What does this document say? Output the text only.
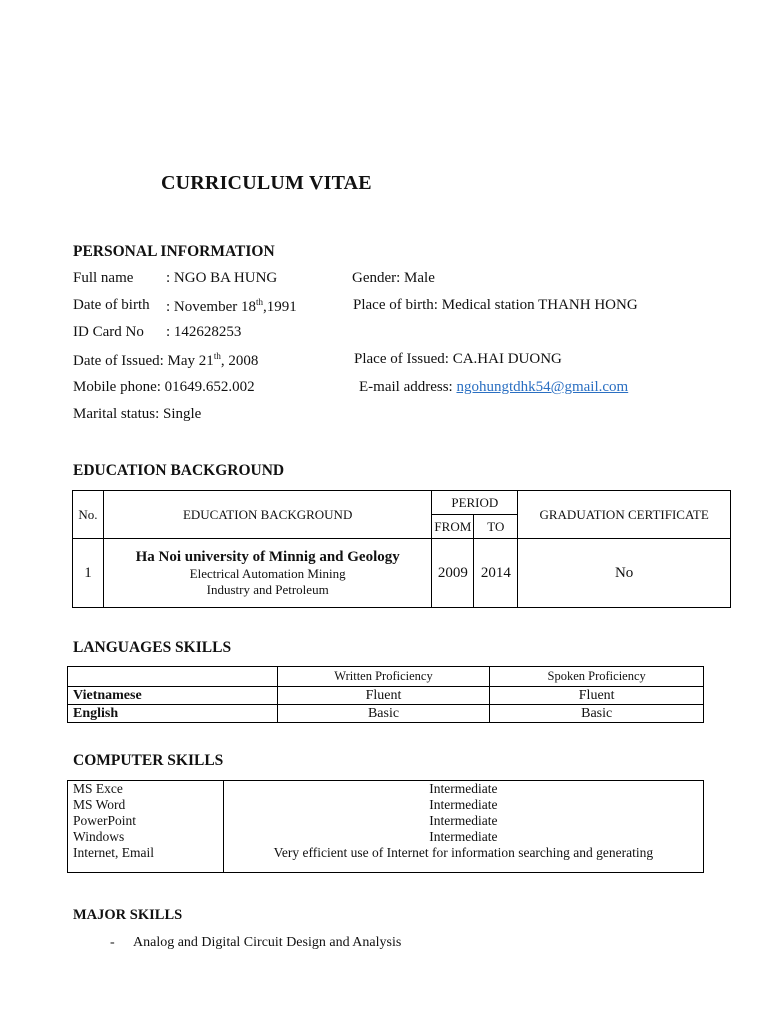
CURRICULUM VITAE
PERSONAL INFORMATION
Full name : NGO BA HUNG	Gender: Male
Date of birth : November 18th,1991	Place of birth: Medical station THANH HONG
ID Card No : 142628253
Date of Issued: May 21th, 2008	Place of Issued: CA.HAI DUONG
Mobile phone: 01649.652.002	E-mail address: ngohungtdhk54@gmail.com
Marital status: Single
EDUCATION BACKGROUND
No.	EDUCATION BACKGROUND	PERIOD		GRADUATION CERTIFICATE
		FROM	TO	
1	Ha Noi university of Minnig and Geology
Electrical Automation Mining
Industry and Petroleum	2009	2014	No
LANGUAGES SKILLS
	Written Proficiency	Spoken Proficiency
Vietnamese	Fluent	Fluent
English	Basic	Basic
COMPUTER SKILLS
MS Exce	Intermediate
MS Word	Intermediate
PowerPoint	Intermediate
Windows	Intermediate
Internet, Email	Very efficient use of Internet for information searching and generating
MAJOR SKILLS
- Analog and Digital Circuit Design and Analysis
